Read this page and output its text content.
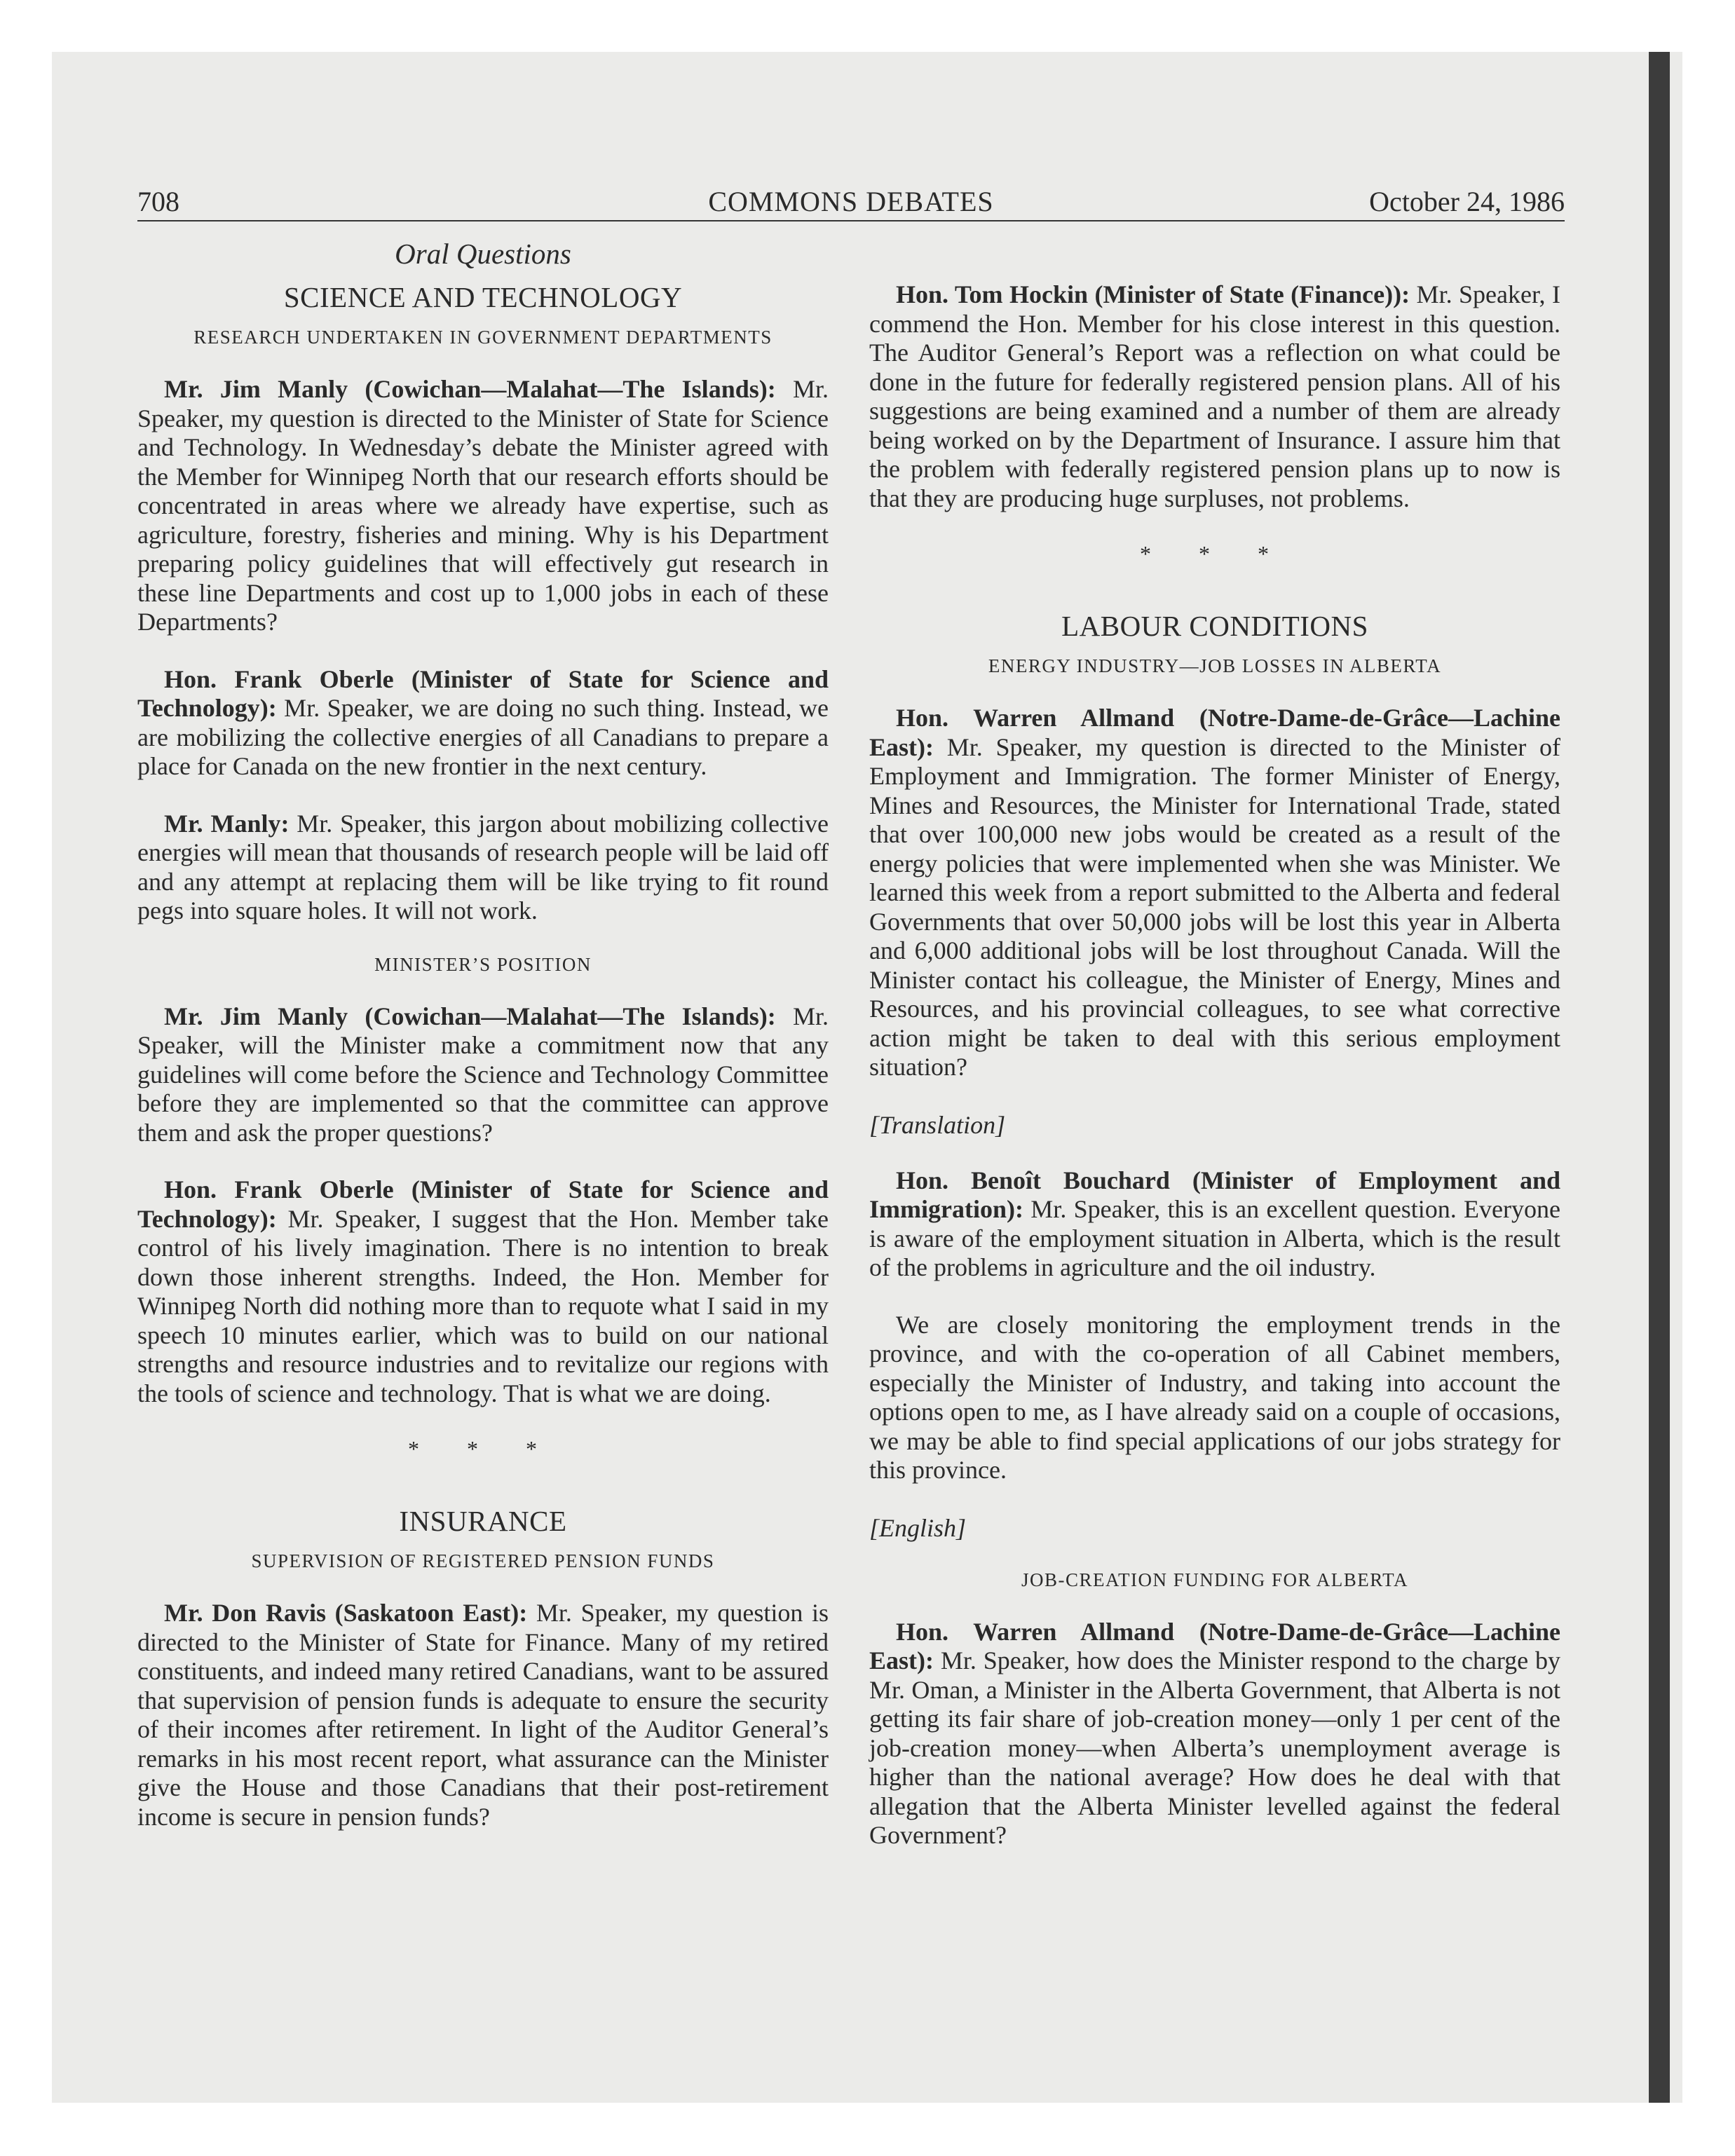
708	COMMONS DEBATES	October 24, 1986
Oral Questions
SCIENCE AND TECHNOLOGY
RESEARCH UNDERTAKEN IN GOVERNMENT DEPARTMENTS

Mr. Jim Manly (Cowichan—Malahat—The Islands): Mr. Speaker, my question is directed to the Minister of State for Science and Technology. In Wednesday’s debate the Minister agreed with the Member for Winnipeg North that our research efforts should be concentrated in areas where we already have expertise, such as agriculture, forestry, fisheries and mining. Why is his Department preparing policy guidelines that will effectively gut research in these line Departments and cost up to 1,000 jobs in each of these Departments?

Hon. Frank Oberle (Minister of State for Science and Technology): Mr. Speaker, we are doing no such thing. Instead, we are mobilizing the collective energies of all Canadians to prepare a place for Canada on the new frontier in the next century.

Mr. Manly: Mr. Speaker, this jargon about mobilizing collective energies will mean that thousands of research people will be laid off and any attempt at replacing them will be like trying to fit round pegs into square holes. It will not work.

MINISTER’S POSITION

Mr. Jim Manly (Cowichan—Malahat—The Islands): Mr. Speaker, will the Minister make a commitment now that any guidelines will come before the Science and Technology Committee before they are implemented so that the committee can approve them and ask the proper questions?

Hon. Frank Oberle (Minister of State for Science and Technology): Mr. Speaker, I suggest that the Hon. Member take control of his lively imagination. There is no intention to break down those inherent strengths. Indeed, the Hon. Member for Winnipeg North did nothing more than to requote what I said in my speech 10 minutes earlier, which was to build on our national strengths and resource industries and to revitalize our regions with the tools of science and technology. That is what we are doing.

* * *
INSURANCE
SUPERVISION OF REGISTERED PENSION FUNDS

Mr. Don Ravis (Saskatoon East): Mr. Speaker, my question is directed to the Minister of State for Finance. Many of my retired constituents, and indeed many retired Canadians, want to be assured that supervision of pension funds is adequate to ensure the security of their incomes after retirement. In light of the Auditor General’s remarks in his most recent report, what assurance can the Minister give the House and those Canadians that their post-retirement income is secure in pension funds?

Hon. Tom Hockin (Minister of State (Finance)): Mr. Speaker, I commend the Hon. Member for his close interest in this question. The Auditor General’s Report was a reflection on what could be done in the future for federally registered pension plans. All of his suggestions are being examined and a number of them are already being worked on by the Department of Insurance. I assure him that the problem with federally registered pension plans up to now is that they are producing huge surpluses, not problems.

* * *
LABOUR CONDITIONS
ENERGY INDUSTRY—JOB LOSSES IN ALBERTA

Hon. Warren Allmand (Notre-Dame-de-Grâce—Lachine East): Mr. Speaker, my question is directed to the Minister of Employment and Immigration. The former Minister of Energy, Mines and Resources, the Minister for International Trade, stated that over 100,000 new jobs would be created as a result of the energy policies that were implemented when she was Minister. We learned this week from a report submitted to the Alberta and federal Governments that over 50,000 jobs will be lost this year in Alberta and 6,000 additional jobs will be lost throughout Canada. Will the Minister contact his colleague, the Minister of Energy, Mines and Resources, and his provincial colleagues, to see what corrective action might be taken to deal with this serious employment situation?

[Translation]

Hon. Benoît Bouchard (Minister of Employment and Immigration): Mr. Speaker, this is an excellent question. Everyone is aware of the employment situation in Alberta, which is the result of the problems in agriculture and the oil industry.

We are closely monitoring the employment trends in the province, and with the co-operation of all Cabinet members, especially the Minister of Industry, and taking into account the options open to me, as I have already said on a couple of occasions, we may be able to find special applications of our jobs strategy for this province.

[English]
JOB-CREATION FUNDING FOR ALBERTA

Hon. Warren Allmand (Notre-Dame-de-Grâce—Lachine East): Mr. Speaker, how does the Minister respond to the charge by Mr. Oman, a Minister in the Alberta Government, that Alberta is not getting its fair share of job-creation money—only 1 per cent of the job-creation money—when Alberta’s unemployment average is higher than the national average? How does he deal with that allegation that the Alberta Minister levelled against the federal Government?
